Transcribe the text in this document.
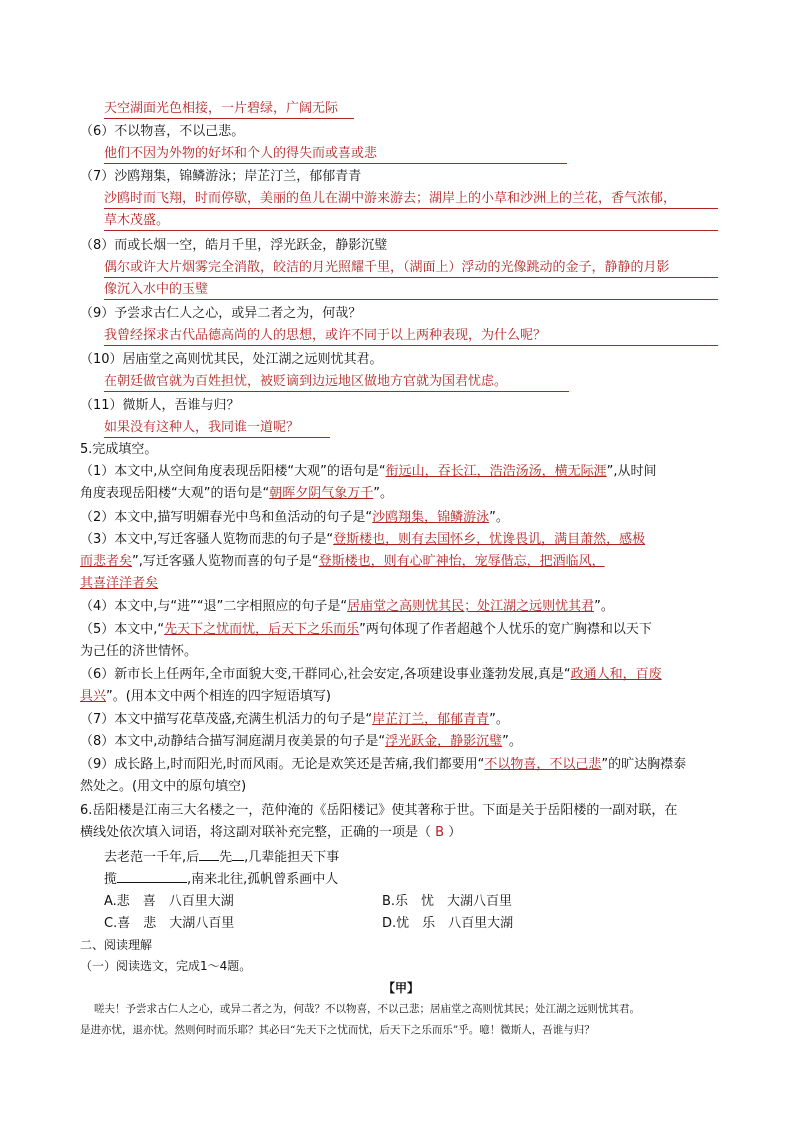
天空湖面光色相接，一片碧绿，广阔无际
（6）不以物喜，不以己悲。
他们不因为外物的好坏和个人的得失而或喜或悲
（7）沙鸥翔集，锦鳞游泳；岸芷汀兰，郁郁青青
沙鸥时而飞翔，时而停歇，美丽的鱼儿在湖中游来游去；湖岸上的小草和沙洲上的兰花，香气浓郁，
草木茂盛。
（8）而或长烟一空，皓月千里，浮光跃金，静影沉璧
偶尔或许大片烟雾完全消散，皎洁的月光照耀千里，（湖面上）浮动的光像跳动的金子，静静的月影
像沉入水中的玉璧
（9）予尝求古仁人之心，或异二者之为，何哉？
我曾经探求古代品德高尚的人的思想，或许不同于以上两种表现，为什么呢？
（10）居庙堂之高则忧其民，处江湖之远则忧其君。
在朝廷做官就为百姓担忧，被贬谪到边远地区做地方官就为国君忧虑。
（11）微斯人，吾谁与归？
如果没有这种人，我同谁一道呢？
5.完成填空。
（1）本文中,从空间角度表现岳阳楼“大观”的语句是“衔远山，吞长江，浩浩汤汤，横无际涯”,从时间
角度表现岳阳楼“大观”的语句是“朝晖夕阴气象万千”。
（2）本文中,描写明媚春光中鸟和鱼活动的句子是“沙鸥翔集，锦鳞游泳”。
（3）本文中,写迁客骚人览物而悲的句子是“登斯楼也，则有去国怀乡，忧谗畏讥，满目萧然，感极
而悲者矣”,写迁客骚人览物而喜的句子是“登斯楼也，则有心旷神怡，宠辱偕忘，把酒临风，
其喜洋洋者矣
（4）本文中,与“进”“退”二字相照应的句子是“居庙堂之高则忧其民；处江湖之远则忧其君”。
（5）本文中,“先天下之忧而忧，后天下之乐而乐”两句体现了作者超越个人忧乐的宽广胸襟和以天下
为己任的济世情怀。
（6）新市长上任两年,全市面貌大变,干群同心,社会安定,各项建设事业蓬勃发展,真是“政通人和，百废
具兴”。(用本文中两个相连的四字短语填写)
（7）本文中描写花草茂盛,充满生机活力的句子是“岸芷汀兰，郁郁青青”。
（8）本文中,动静结合描写洞庭湖月夜美景的句子是“浮光跃金，静影沉璧”。
（9）成长路上,时而阳光,时而风雨。无论是欢笑还是苦痛,我们都要用“不以物喜，不以己悲”的旷达胸襟泰
然处之。(用文中的原句填空)
6.岳阳楼是江南三大名楼之一，范仲淹的《岳阳楼记》使其著称于世。下面是关于岳阳楼的一副对联，在
横线处依次填入词语，将这副对联补充完整，正确的一项是（ B ）
去老范一千年,后 先 ,几辈能担天下事
揽	,南来北往,孤帆曾系画中人
A.悲　喜　八百里大湖	B.乐　忧　大湖八百里
C.喜　悲　大湖八百里	D.忧　乐　八百里大湖
二、阅读理解
（一）阅读选文，完成1～4题。
【甲】
嗟夫！予尝求古仁人之心，或异二者之为，何哉？不以物喜，不以己悲；居庙堂之高则忧其民；处江湖之远则忧其君。
是进亦忧，退亦忧。然则何时而乐耶？其必曰“先天下之忧而忧，后天下之乐而乐”乎。噫！微斯人，吾谁与归？
